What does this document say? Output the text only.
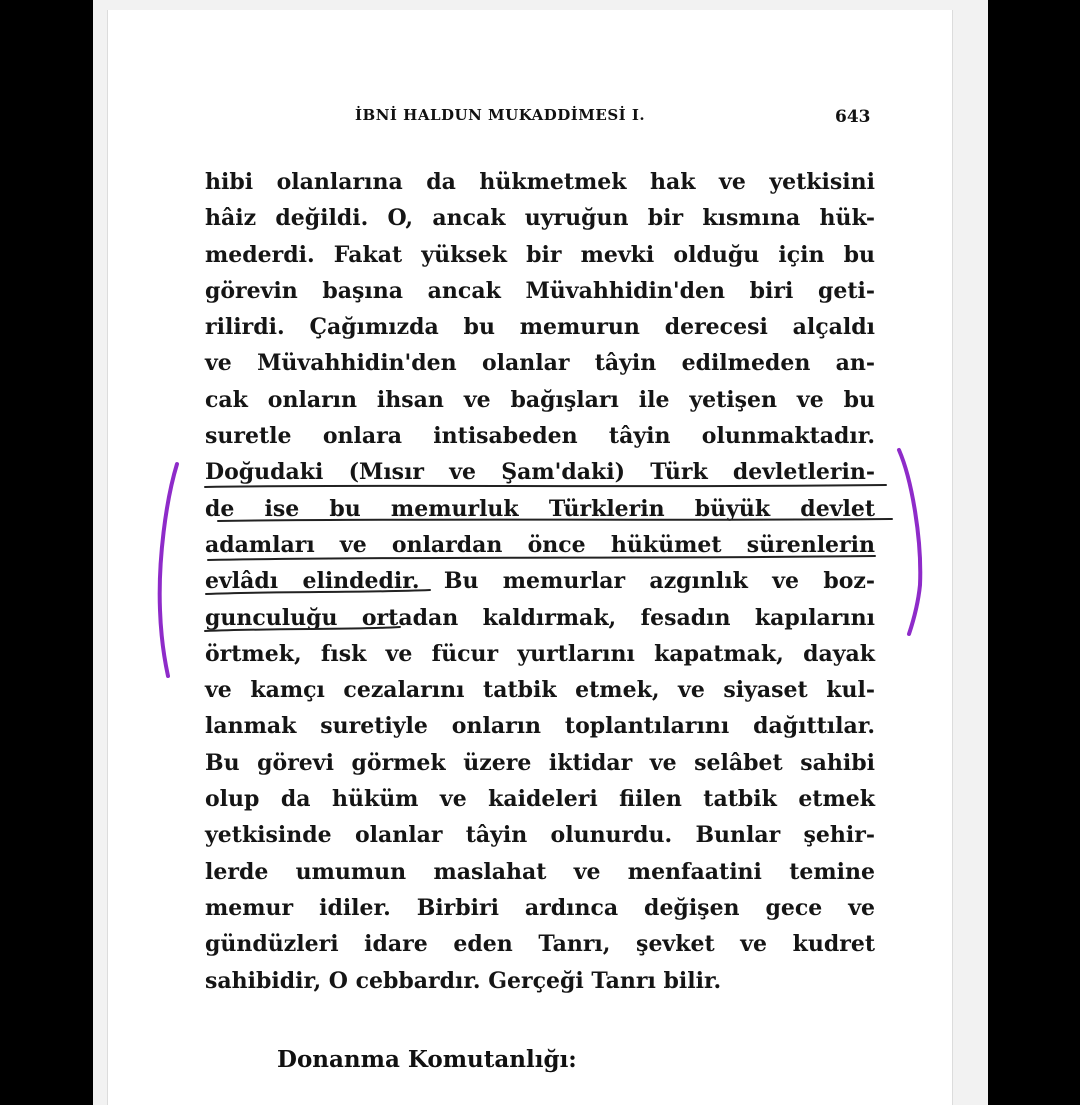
İBNİ HALDUN MUKADDİMESİ I.	643

hibi olanlarına da hükmetmek hak ve yetkisini
hâiz değildi. O, ancak uyruğun bir kısmına hük-
mederdi. Fakat yüksek bir mevki olduğu için bu
görevin başına ancak Müvahhidin'den biri geti-
rilirdi. Çağımızda bu memurun derecesi alçaldı
ve Müvahhidin'den olanlar tâyin edilmeden an-
cak onların ihsan ve bağışları ile yetişen ve bu
suretle onlara intisabeden tâyin olunmaktadır.
Doğudaki (Mısır ve Şam'daki) Türk devletlerin-
de ise bu memurluk Türklerin büyük devlet
adamları ve onlardan önce hükümet sürenlerin
evlâdı elindedir. Bu memurlar azgınlık ve boz-
gunculuğu ortadan kaldırmak, fesadın kapılarını
örtmek, fısk ve fücur yurtlarını kapatmak, dayak
ve kamçı cezalarını tatbik etmek, ve siyaset kul-
lanmak suretiyle onların toplantılarını dağıttılar.
Bu görevi görmek üzere iktidar ve selâbet sahibi
olup da hüküm ve kaideleri fiilen tatbik etmek
yetkisinde olanlar tâyin olunurdu. Bunlar şehir-
lerde umumun maslahat ve menfaatini temine
memur idiler. Birbiri ardınca değişen gece ve
gündüzleri idare eden Tanrı, şevket ve kudret
sahibidir, O cebbardır. Gerçeği Tanrı bilir.

Donanma Komutanlığı:
